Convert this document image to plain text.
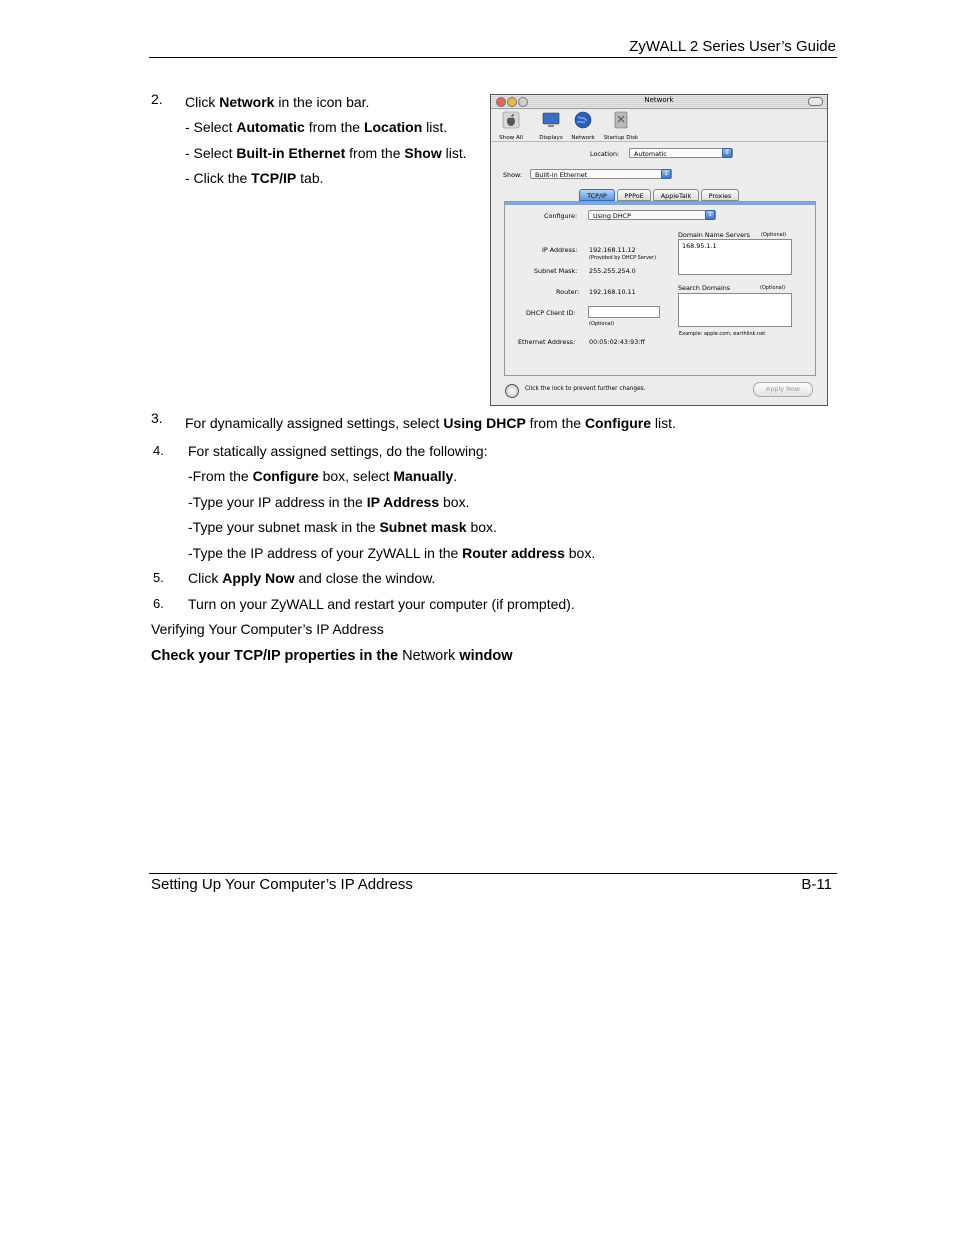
ZyWALL 2 Series User’s Guide
2. Click Network in the icon bar.
- Select Automatic from the Location list.
- Select Built-in Ethernet from the Show list.
- Click the TCP/IP tab.
Network
Show All	Displays	Network	Startup Disk
Location:	Automatic	↕
Show:	Built-in Ethernet	↕
TCP/IP	PPPoE	AppleTalk	Proxies
Configure:	Using DHCP	↕
IP Address: 192.168.11.12
(Provided by DHCP Server)
Subnet Mask: 255.255.254.0
Router: 192.168.10.11
DHCP Client ID:
(Optional)
Ethernet Address: 00:05:02:43:93:ff
Domain Name Servers (Optional)
168.95.1.1
Search Domains	(Optional)
Example: apple.com, earthlink.net
Click the lock to prevent further changes.	Apply Now
3. For dynamically assigned settings, select Using DHCP from the Configure list.
4. For statically assigned settings, do the following:
-From the Configure box, select Manually.
-Type your IP address in the IP Address box.
-Type your subnet mask in the Subnet mask box.
-Type the IP address of your ZyWALL in the Router address box.
5. Click Apply Now and close the window.
6. Turn on your ZyWALL and restart your computer (if prompted).
Verifying Your Computer’s IP Address
Check your TCP/IP properties in the Network window
Setting Up Your Computer’s IP Address	B-11
